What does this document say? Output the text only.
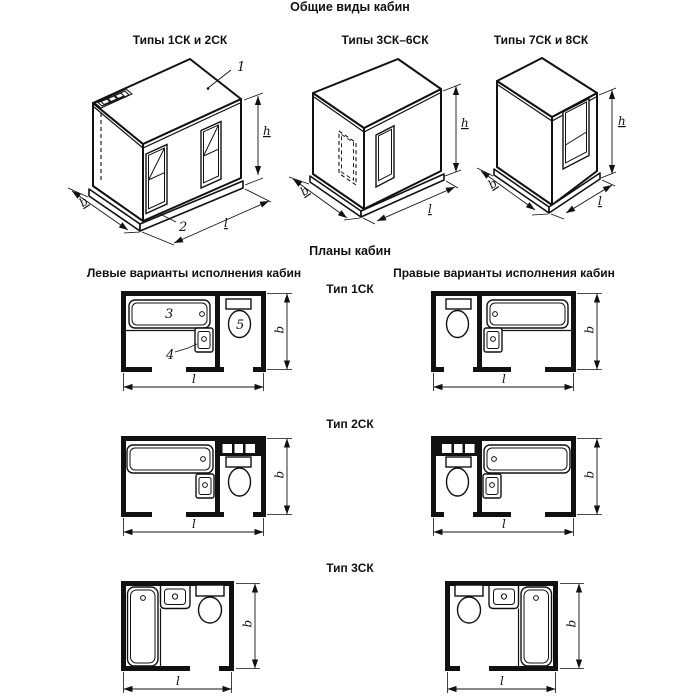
Общие виды кабин
Типы 1СК и 2СК	Типы 3СК–6СК	Типы 7СК и 8СК
1
2
h
l
b
h
b
l
h
b
l
Планы кабин
Левые варианты исполнения кабин	Правые варианты исполнения кабин
Тип 1СК
Тип 2СК
Тип 3СК
3
4
5 b
l
b
l
